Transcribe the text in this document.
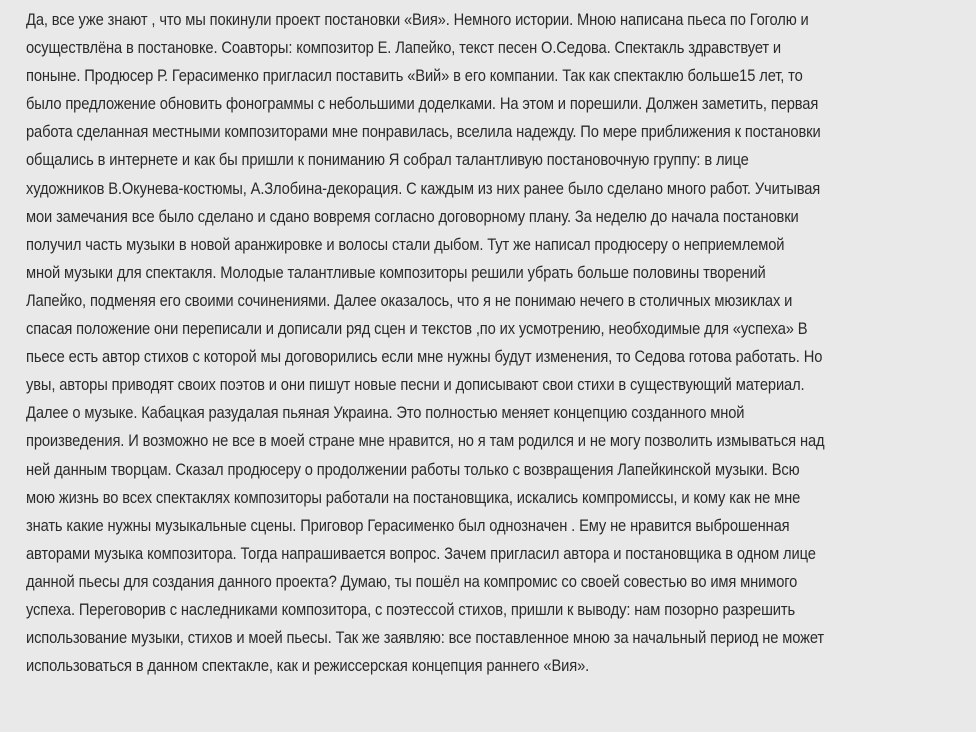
Да, все уже знают , что мы покинули проект постановки «Вия». Немного истории. Мною написана пьеса по Гоголю и
осуществлёна в постановке. Соавторы: композитор Е. Лапейко, текст песен О.Седова. Спектакль здравствует и
поныне. Продюсер Р. Герасименко пригласил поставить «Вий» в его компании. Так как спектаклю больше15 лет, то
было предложение обновить фонограммы с небольшими доделками. На этом и порешили. Должен заметить, первая
работа сделанная местными композиторами мне понравилась, вселила надежду. По мере приближения к постановки
общались в интернете и как бы пришли к пониманию Я собрал талантливую постановочную группу: в лице
художников В.Окунева-костюмы, А.Злобина-декорация. С каждым из них ранее было сделано много работ. Учитывая
мои замечания все было сделано и сдано вовремя согласно договорному плану. За неделю до начала постановки
получил часть музыки в новой аранжировке и волосы стали дыбом. Тут же написал продюсеру о неприемлемой
мной музыки для спектакля. Молодые талантливые композиторы решили убрать больше половины творений
Лапейко, подменяя его своими сочинениями. Далее оказалось, что я не понимаю нечего в столичных мюзиклах и
спасая положение они переписали и дописали ряд сцен и текстов ,по их усмотрению, необходимые для «успеха» В
пьесе есть автор стихов с которой мы договорились если мне нужны будут изменения, то Седова готова работать. Но
увы, авторы приводят своих поэтов и они пишут новые песни и дописывают свои стихи в существующий материал.
Далее о музыке. Кабацкая разудалая пьяная Украина. Это полностью меняет концепцию созданного мной
произведения. И возможно не все в моей стране мне нравится, но я там родился и не могу позволить измываться над
ней данным творцам. Сказал продюсеру о продолжении работы только с возвращения Лапейкинской музыки. Всю
мою жизнь во всех спектаклях композиторы работали на постановщика, искались компромиссы, и кому как не мне
знать какие нужны музыкальные сцены. Приговор Герасименко был однозначен . Ему не нравится выброшенная
авторами музыка композитора. Тогда напрашивается вопрос. Зачем пригласил автора и постановщика в одном лице
данной пьесы для создания данного проекта? Думаю, ты пошёл на компромис со своей совестью во имя мнимого
успеха. Переговорив с наследниками композитора, с поэтессой стихов, пришли к выводу: нам позорно разрешить
использование музыки, стихов и моей пьесы. Так же заявляю: все поставленное мною за начальный период не может
использоваться в данном спектакле, как и режиссерская концепция раннего «Вия».
